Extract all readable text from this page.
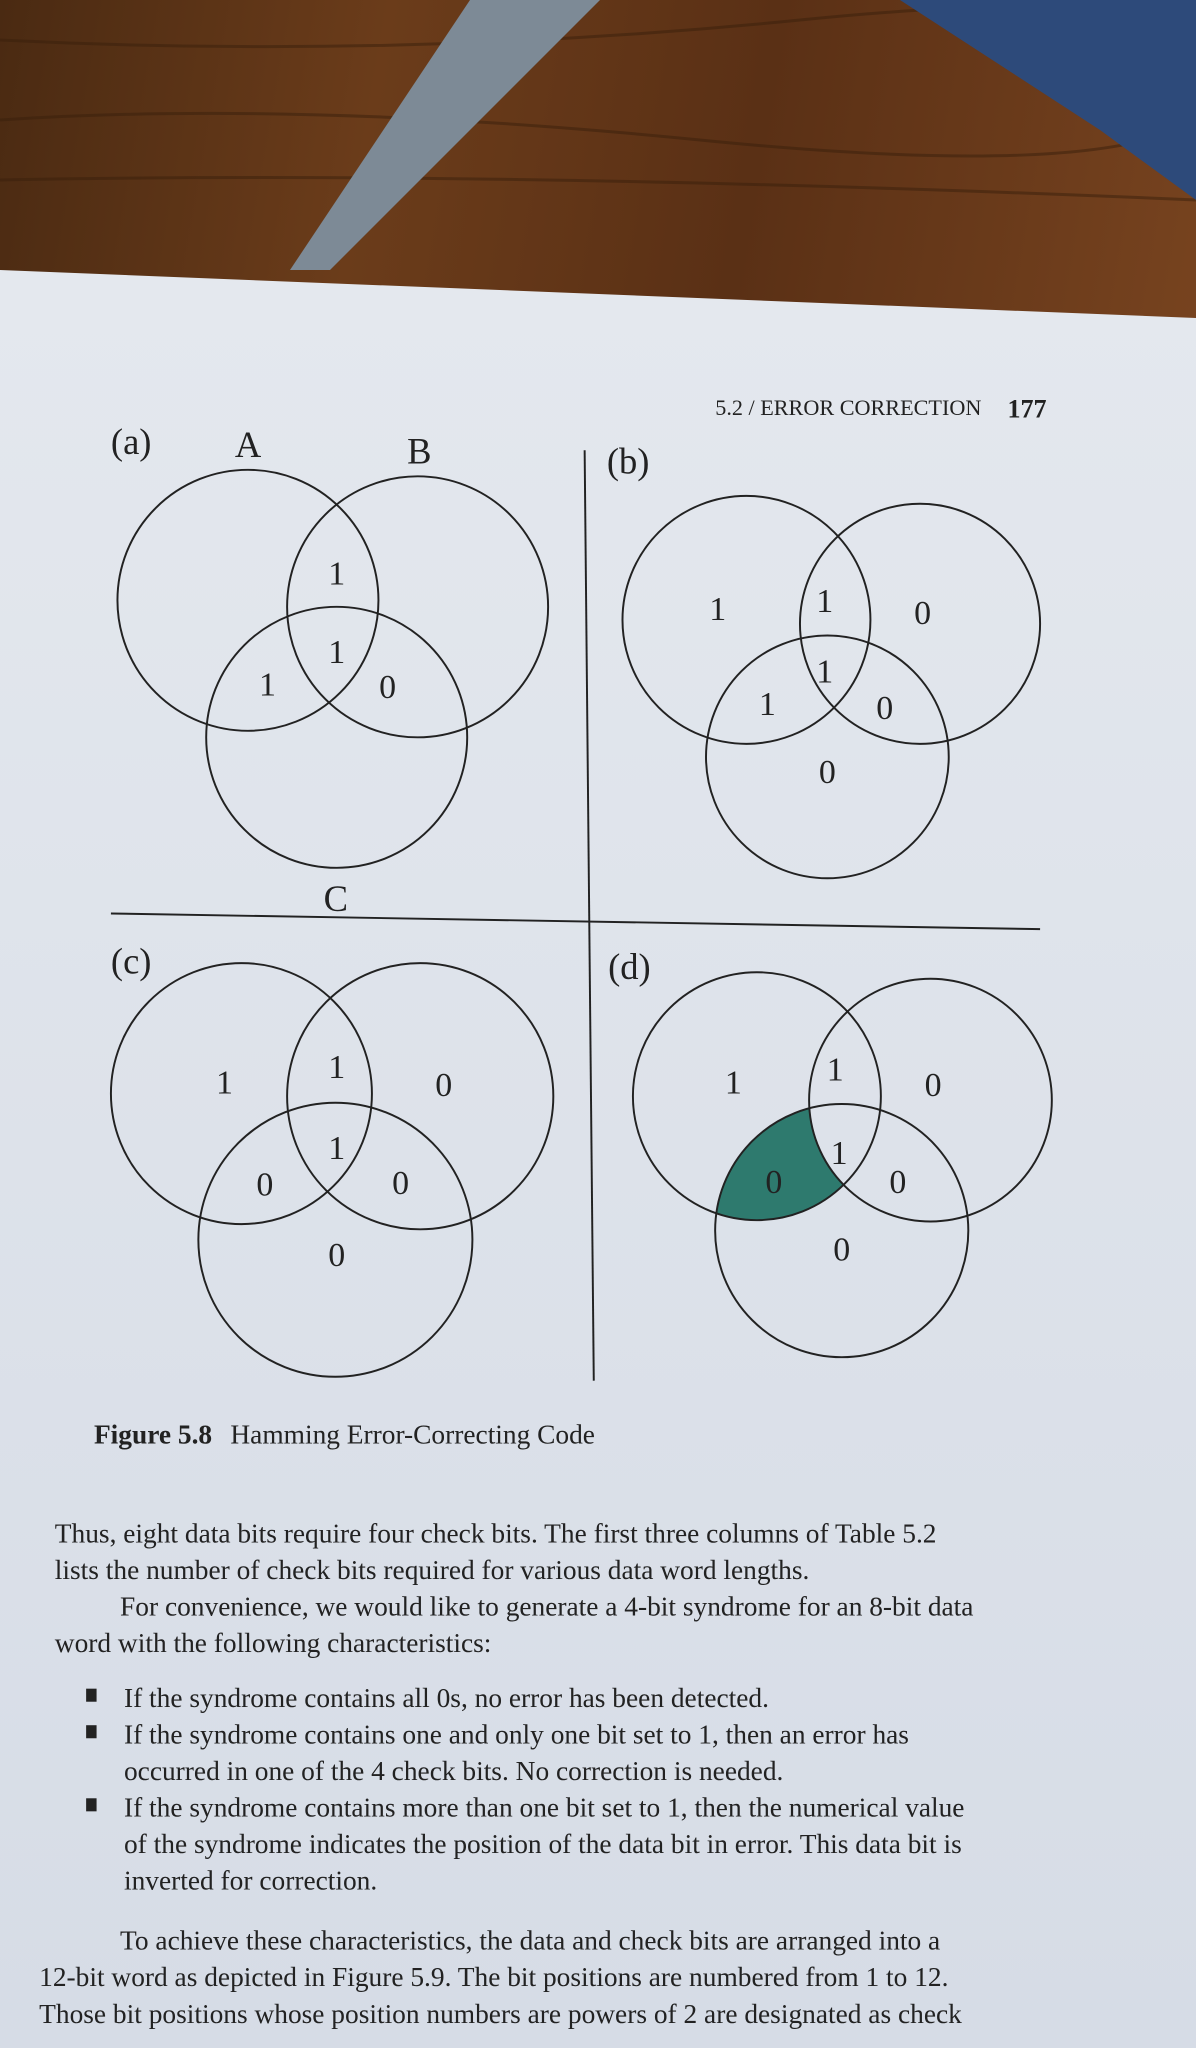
5.2 / ERROR CORRECTION 177
(a)	A	B
C
1
1
1	0
(b)
1	1	0
1
1	0
0
(c)
1	1	0
1
0	0
0
(d)
1	1	0
1
0	0
0
Figure 5.8 Hamming Error-Correcting Code
Thus, eight data bits require four check bits. The first three columns of Table 5.2
lists the number of check bits required for various data word lengths.
For convenience, we would like to generate a 4-bit syndrome for an 8-bit data
word with the following characteristics:
If the syndrome contains all 0s, no error has been detected.
If the syndrome contains one and only one bit set to 1, then an error has
occurred in one of the 4 check bits. No correction is needed.
If the syndrome contains more than one bit set to 1, then the numerical value
of the syndrome indicates the position of the data bit in error. This data bit is
inverted for correction.
To achieve these characteristics, the data and check bits are arranged into a
12-bit word as depicted in Figure 5.9. The bit positions are numbered from 1 to 12.
Those bit positions whose position numbers are powers of 2 are designated as check
